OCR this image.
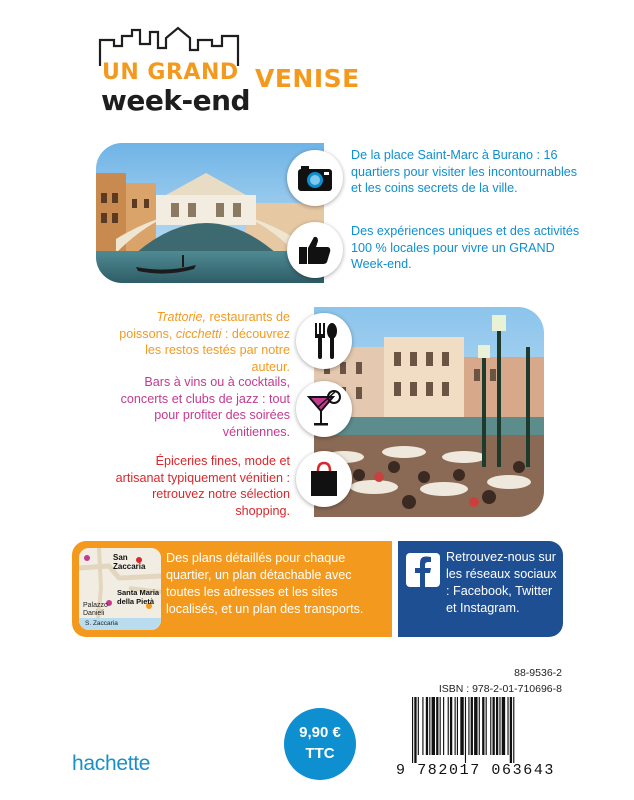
UN GRAND
week-end
VENISE
De la place Saint-Marc à Burano : 16 quartiers pour visiter les incontournables et les coins secrets de la ville.
Des expériences uniques et des activités 100 % locales pour vivre un GRAND Week-end.
Trattorie, restaurants de poissons, cicchetti : découvrez les restos testés par notre auteur.
Bars à vins ou à cocktails, concerts et clubs de jazz : tout pour profiter des soirées vénitiennes.
Épiceries fines, mode et artisanat typiquement vénitien : retrouvez notre sélection shopping.
San Zaccaria
Santa Maria della Pietà
Palazzo Danieli
S. Zaccaria
Des plans détaillés pour chaque quartier, un plan détachable avec toutes les adresses et les sites localisés, et un plan des transports.
Retrouvez-nous sur les réseaux sociaux : Facebook, Twitter et Instagram.
9,90 €
TTC
hachette
88-9536-2
ISBN : 978-2-01-710696-8
9 782017 063643
